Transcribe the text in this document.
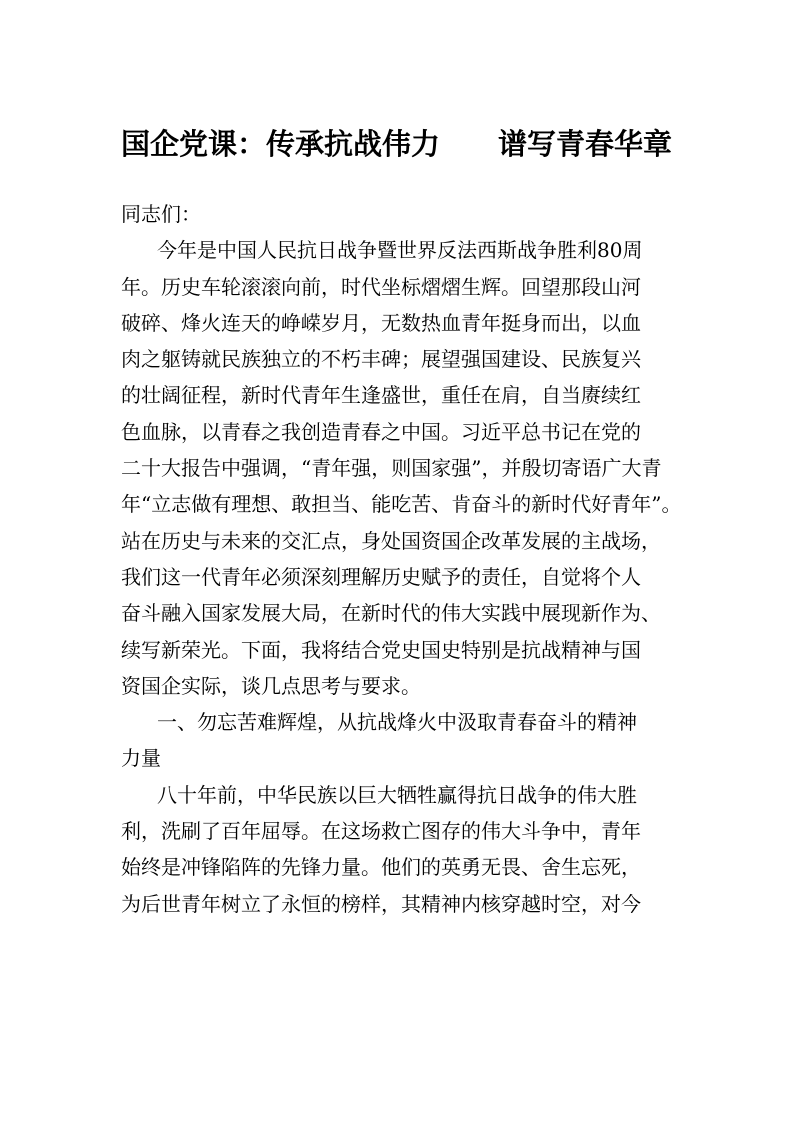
国企党课：传承抗战伟力　　谱写青春华章

同志们：

今年是中国人民抗日战争暨世界反法西斯战争胜利80周
年。历史车轮滚滚向前，时代坐标熠熠生辉。回望那段山河
破碎、烽火连天的峥嵘岁月，无数热血青年挺身而出，以血
肉之躯铸就民族独立的不朽丰碑；展望强国建设、民族复兴
的壮阔征程，新时代青年生逢盛世，重任在肩，自当赓续红
色血脉，以青春之我创造青春之中国。习近平总书记在党的
二十大报告中强调，“青年强，则国家强”，并殷切寄语广大青
年“立志做有理想、敢担当、能吃苦、肯奋斗的新时代好青年”。
站在历史与未来的交汇点，身处国资国企改革发展的主战场，
我们这一代青年必须深刻理解历史赋予的责任，自觉将个人
奋斗融入国家发展大局，在新时代的伟大实践中展现新作为、
续写新荣光。下面，我将结合党史国史特别是抗战精神与国
资国企实际，谈几点思考与要求。

一、勿忘苦难辉煌，从抗战烽火中汲取青春奋斗的精神
力量

八十年前，中华民族以巨大牺牲赢得抗日战争的伟大胜
利，洗刷了百年屈辱。在这场救亡图存的伟大斗争中，青年
始终是冲锋陷阵的先锋力量。他们的英勇无畏、舍生忘死，
为后世青年树立了永恒的榜样，其精神内核穿越时空，对今
